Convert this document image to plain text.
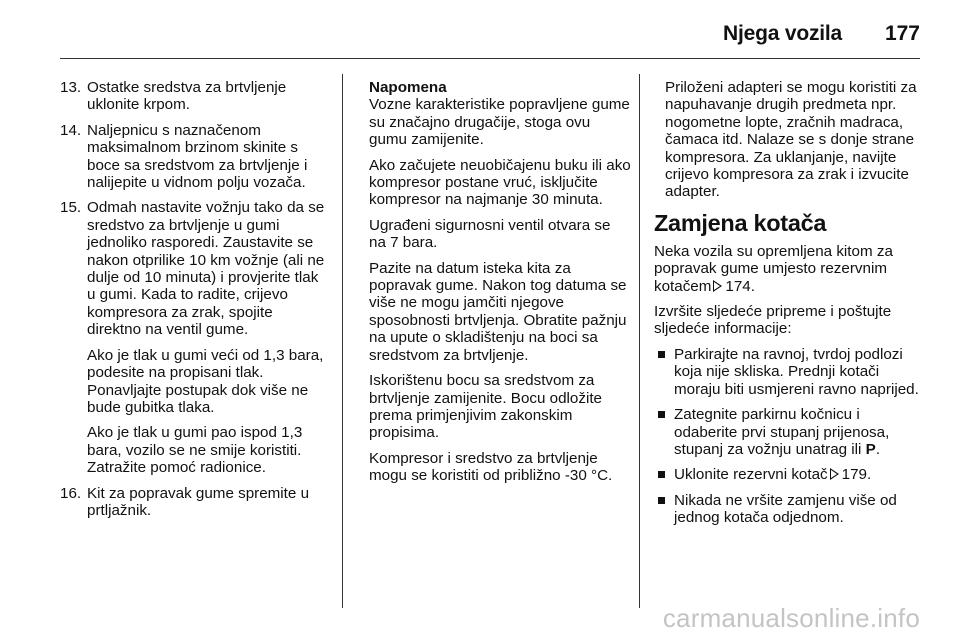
Njega vozila 177
13. Ostatke sredstva za brtvljenje uklonite krpom.
14. Naljepnicu s naznačenom maksimalnom brzinom skinite s boce sa sredstvom za brtvljenje i nalijepite u vidnom polju vozača.
15. Odmah nastavite vožnju tako da se sredstvo za brtvljenje u gumi jednoliko rasporedi. Zaustavite se nakon otprilike 10 km vožnje (ali ne dulje od 10 minuta) i provjerite tlak u gumi. Kada to radite, crijevo kompresora za zrak, spojite direktno na ventil gume.
Ako je tlak u gumi veći od 1,3 bara, podesite na propisani tlak. Ponavljajte postupak dok više ne bude gubitka tlaka.
Ako je tlak u gumi pao ispod 1,3 bara, vozilo se ne smije koristiti. Zatražite pomoć radionice.
16. Kit za popravak gume spremite u prtljažnik.

Napomena

Vozne karakteristike popravljene gume su značajno drugačije, stoga ovu gumu zamijenite.

Ako začujete neuobičajenu buku ili ako kompresor postane vruć, isključite kompresor na najmanje 30 minuta.

Ugrađeni sigurnosni ventil otvara se na 7 bara.

Pazite na datum isteka kita za popravak gume. Nakon tog datuma se više ne mogu jamčiti njegove sposobnosti brtvljenja. Obratite pažnju na upute o skladištenju na boci sa sredstvom za brtvljenje.

Iskorištenu bocu sa sredstvom za brtvljenje zamijenite. Bocu odložite prema primjenjivim zakonskim propisima.

Kompresor i sredstvo za brtvljenje mogu se koristiti od približno -30 °C.

Priloženi adapteri se mogu koristiti za napuhavanje drugih predmeta npr. nogometne lopte, zračnih madraca, čamaca itd. Nalaze se s donje strane kompresora. Za uklanjanje, navijte crijevo kompresora za zrak i izvucite adapter.

Zamjena kotača

Neka vozila su opremljena kitom za popravak gume umjesto rezervnim kotačem 174.

Izvršite sljedeće pripreme i poštujte sljedeće informacije:

Parkirajte na ravnoj, tvrdoj podlozi koja nije skliska. Prednji kotači moraju biti usmjereni ravno naprijed.
Zategnite parkirnu kočnicu i odaberite prvi stupanj prijenosa, stupanj za vožnju unatrag ili P.
Uklonite rezervni kotač 179.
Nikada ne vršite zamjenu više od jednog kotača odjednom.
carmanualsonline.info
